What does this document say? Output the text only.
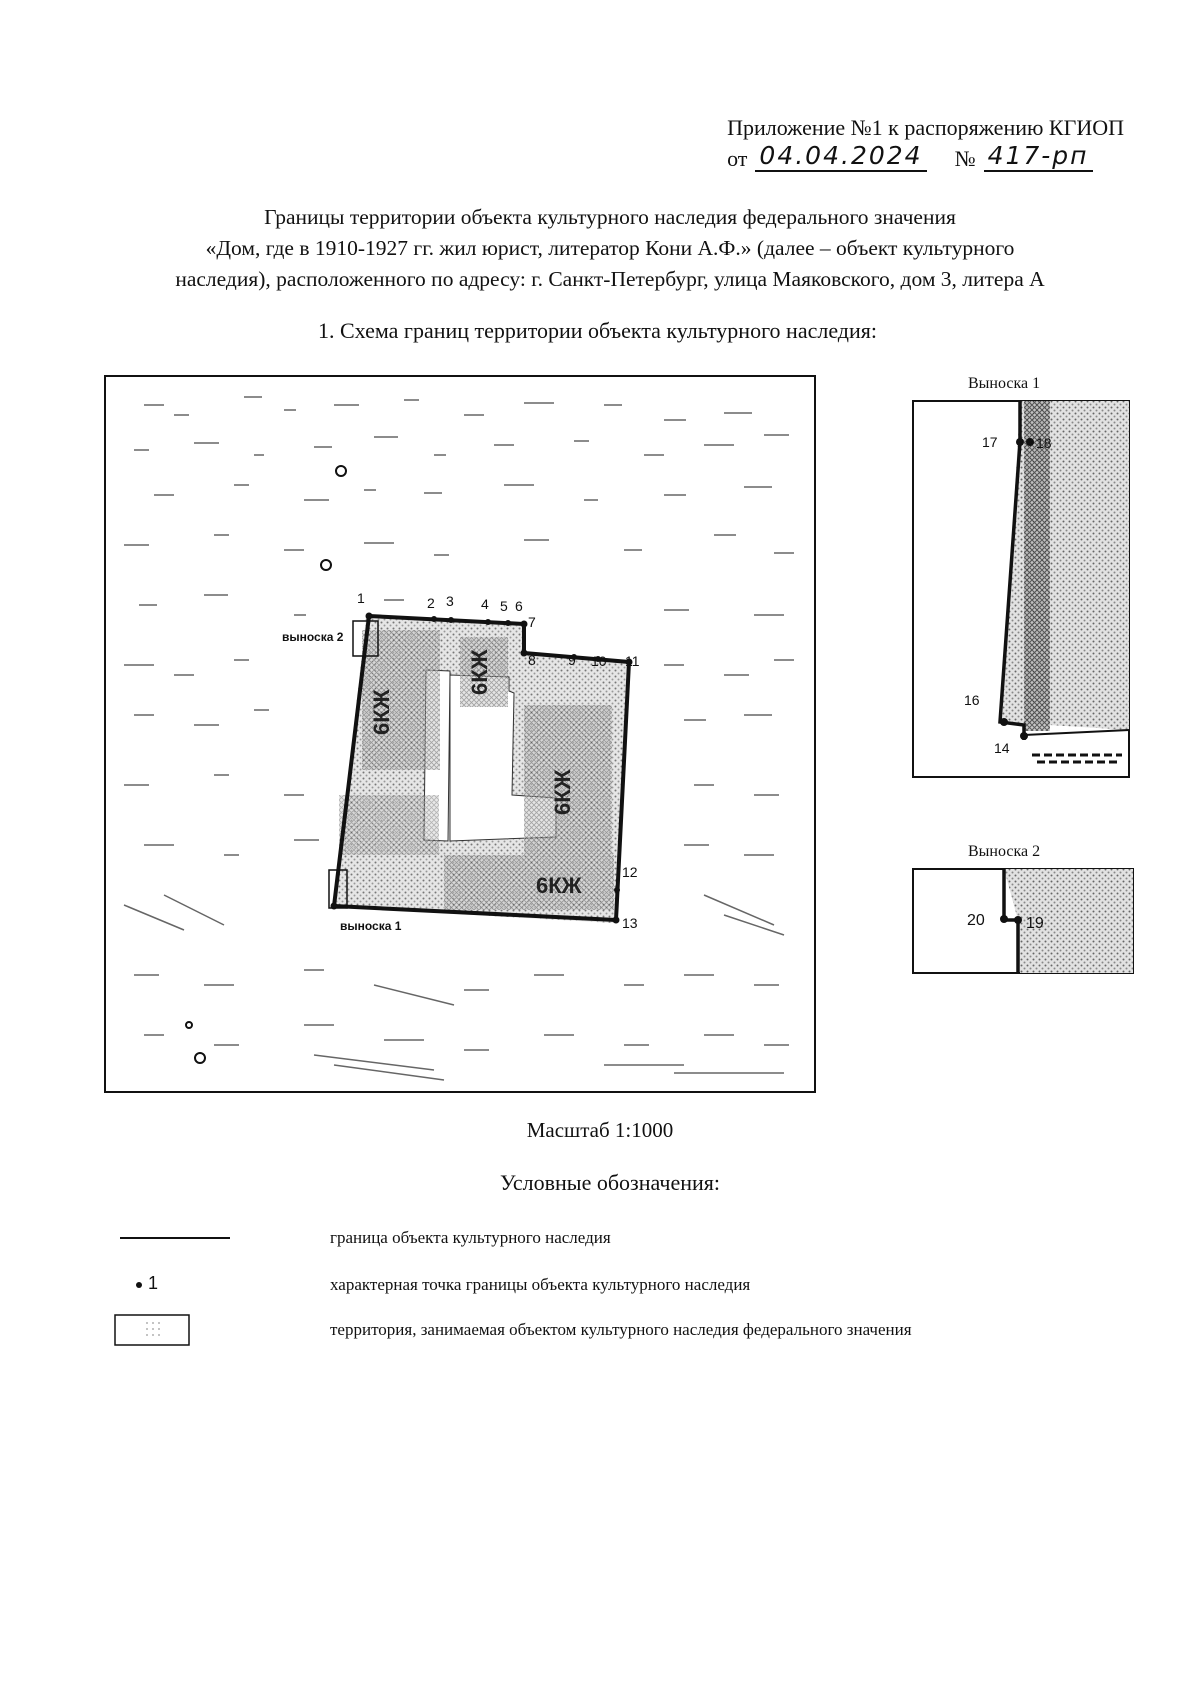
Приложение №1 к распоряжению КГИОП
от 04.04.2024 № 417-рп
Границы территории объекта культурного наследия федерального значения
«Дом, где в 1910-1927 гг. жил юрист, литератор Кони А.Ф.» (далее – объект культурного
наследия), расположенного по адресу: г. Санкт-Петербург, улица Маяковского, дом 3, литера А
1. Схема границ территории объекта культурного наследия:
6КЖ
6КЖ
6КЖ
6КЖ
1	2 3 4 5 6
7
8 9 10 11
12
13
выноска 2
выноска 1
Выноска 1
17	18
16
14
Выноска 2
20	19
Масштаб 1:1000
Условные обозначения:
граница объекта культурного наследия
1	характерная точка границы объекта культурного наследия
территория, занимаемая объектом культурного наследия федерального значения
